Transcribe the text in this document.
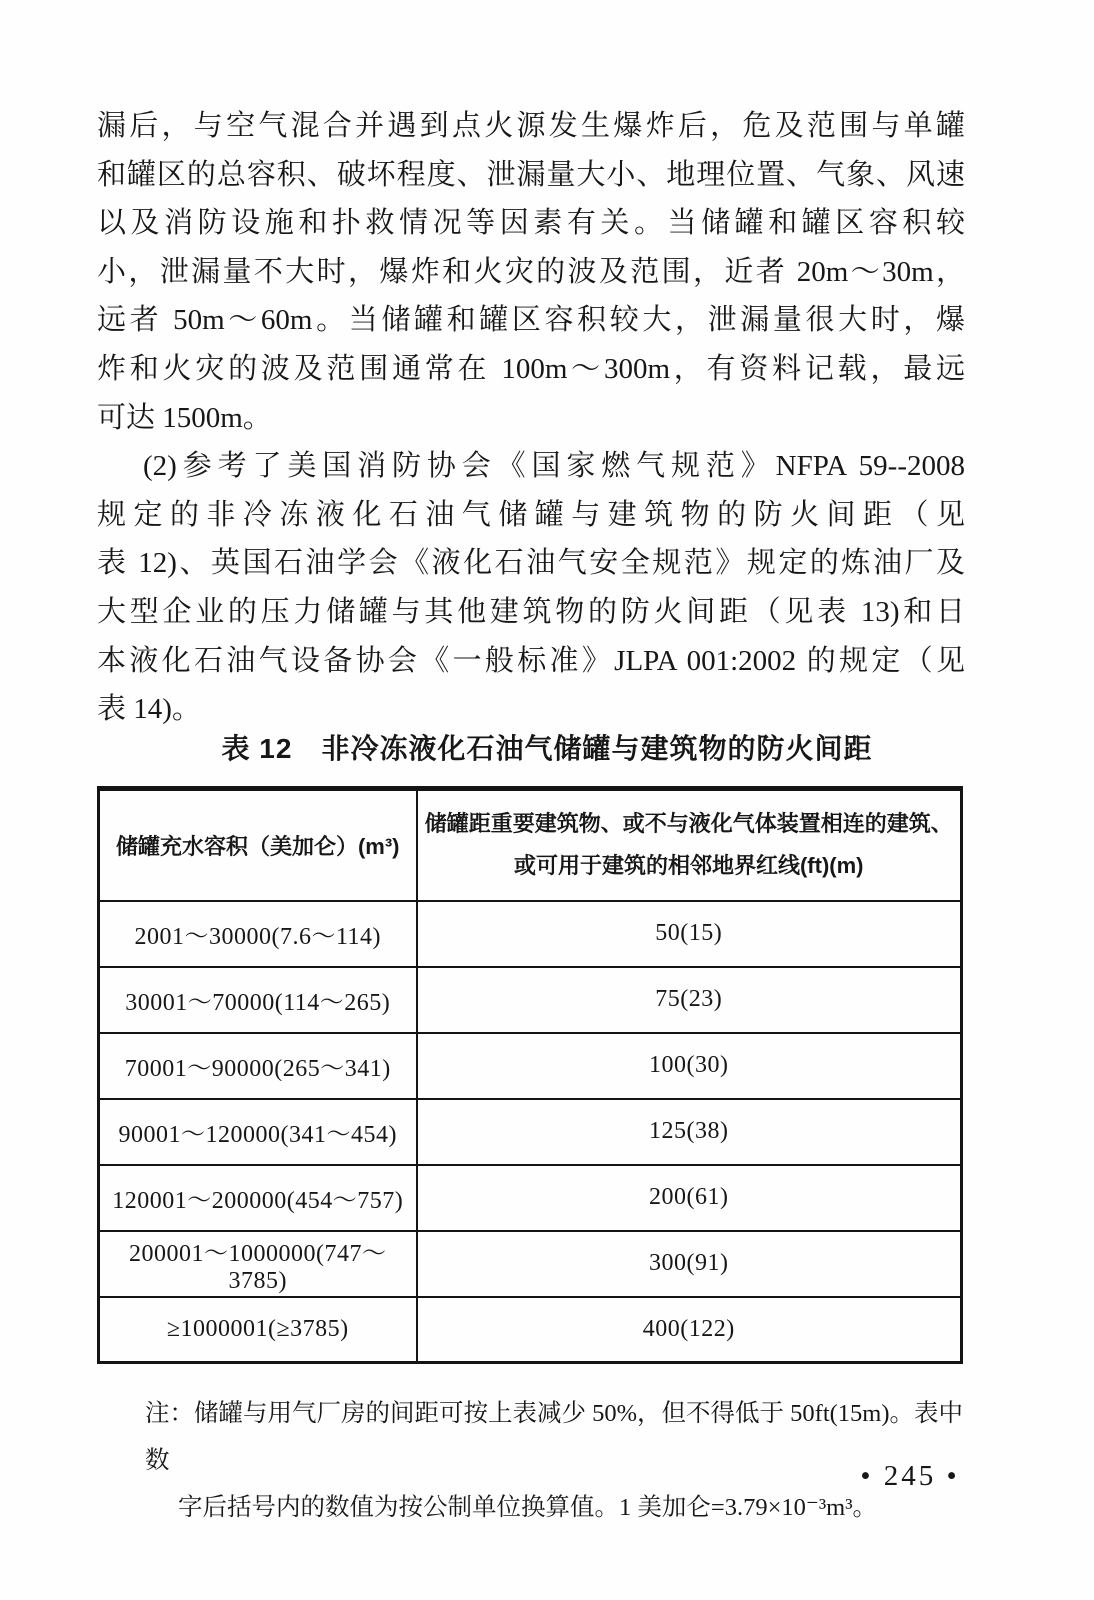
漏后，与空气混合并遇到点火源发生爆炸后，危及范围与单罐
和罐区的总容积、破坏程度、泄漏量大小、地理位置、气象、风速
以及消防设施和扑救情况等因素有关。当储罐和罐区容积较
小，泄漏量不大时，爆炸和火灾的波及范围，近者 20m～30m，
远者 50m～60m。当储罐和罐区容积较大，泄漏量很大时，爆
炸和火灾的波及范围通常在 100m～300m，有资料记载，最远
可达 1500m。
(2)参考了美国消防协会《国家燃气规范》NFPA 59--2008
规定的非冷冻液化石油气储罐与建筑物的防火间距（见
表 12)、英国石油学会《液化石油气安全规范》规定的炼油厂及
大型企业的压力储罐与其他建筑物的防火间距（见表 13)和日
本液化石油气设备协会《一般标准》JLPA 001:2002 的规定（见
表 14)。
表 12　非冷冻液化石油气储罐与建筑物的防火间距
储罐充水容积（美加仑）(m³)	储罐距重要建筑物、或不与液化气体装置相连的建筑、
或可用于建筑的相邻地界红线(ft)(m)

2001～30000(7.6～114)	50(15)
30001～70000(114～265)	75(23)
70001～90000(265～341)	100(30)
90001～120000(341～454)	125(38)
120001～200000(454～757)	200(61)
200001～1000000(747～3785)	300(91)
≥1000001(≥3785)	400(122)
注：储罐与用气厂房的间距可按上表减少 50%，但不得低于 50ft(15m)。表中数
字后括号内的数值为按公制单位换算值。1 美加仑=3.79×10⁻³m³。
• 245 •
